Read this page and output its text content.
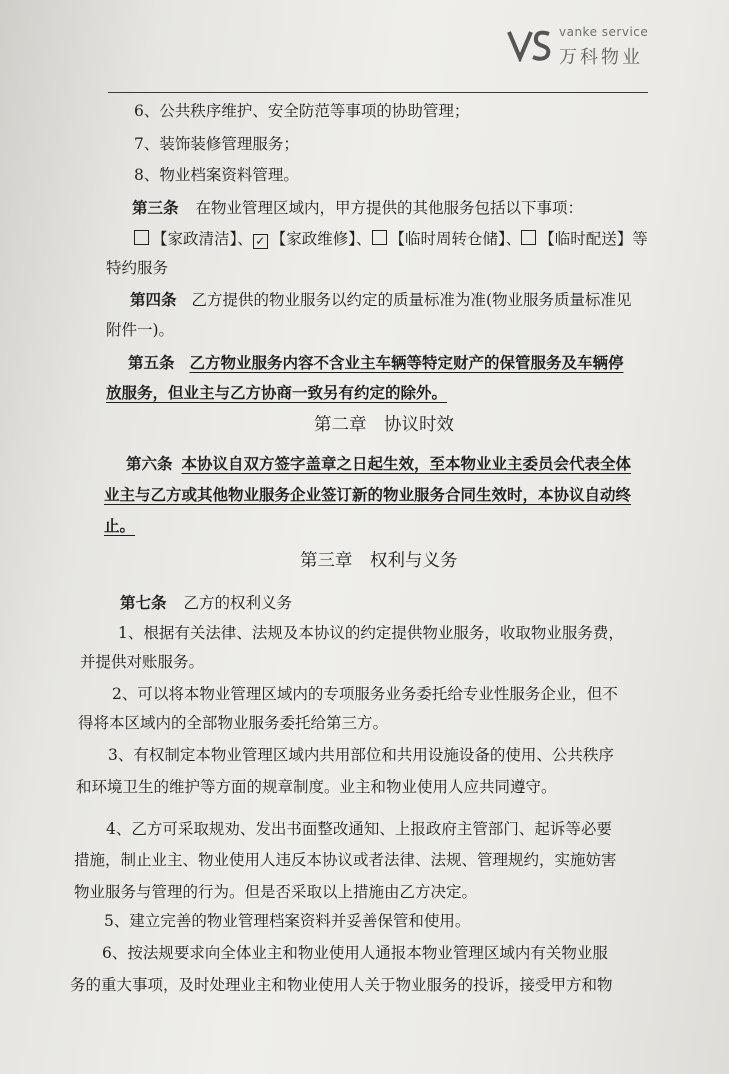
vanke service
万科物业
6、公共秩序维护、安全防范等事项的协助管理；
7、装饰装修管理服务；
8、物业档案资料管理。
第三条 在物业管理区域内，甲方提供的其他服务包括以下事项：
【家政清洁】、 ✓ 【家政维修】、 【临时周转仓储】、 【临时配送】等
特约服务
第四条 乙方提供的物业服务以约定的质量标准为准(物业服务质量标准见
附件一)。
第五条 乙方物业服务内容不含业主车辆等特定财产的保管服务及车辆停
放服务，但业主与乙方协商一致另有约定的除外。
第二章　协议时效
第六条 本协议自双方签字盖章之日起生效，至本物业业主委员会代表全体
业主与乙方或其他物业服务企业签订新的物业服务合同生效时，本协议自动终
止。
第三章　权利与义务
第七条 乙方的权利义务
1、根据有关法律、法规及本协议的约定提供物业服务，收取物业服务费，
并提供对账服务。
2、可以将本物业管理区域内的专项服务业务委托给专业性服务企业，但不
得将本区域内的全部物业服务委托给第三方。
3、有权制定本物业管理区域内共用部位和共用设施设备的使用、公共秩序
和环境卫生的维护等方面的规章制度。业主和物业使用人应共同遵守。
4、乙方可采取规劝、发出书面整改通知、上报政府主管部门、起诉等必要
措施，制止业主、物业使用人违反本协议或者法律、法规、管理规约，实施妨害
物业服务与管理的行为。但是否采取以上措施由乙方决定。
5、建立完善的物业管理档案资料并妥善保管和使用。
6、按法规要求向全体业主和物业使用人通报本物业管理区域内有关物业服
务的重大事项，及时处理业主和物业使用人关于物业服务的投诉，接受甲方和物
